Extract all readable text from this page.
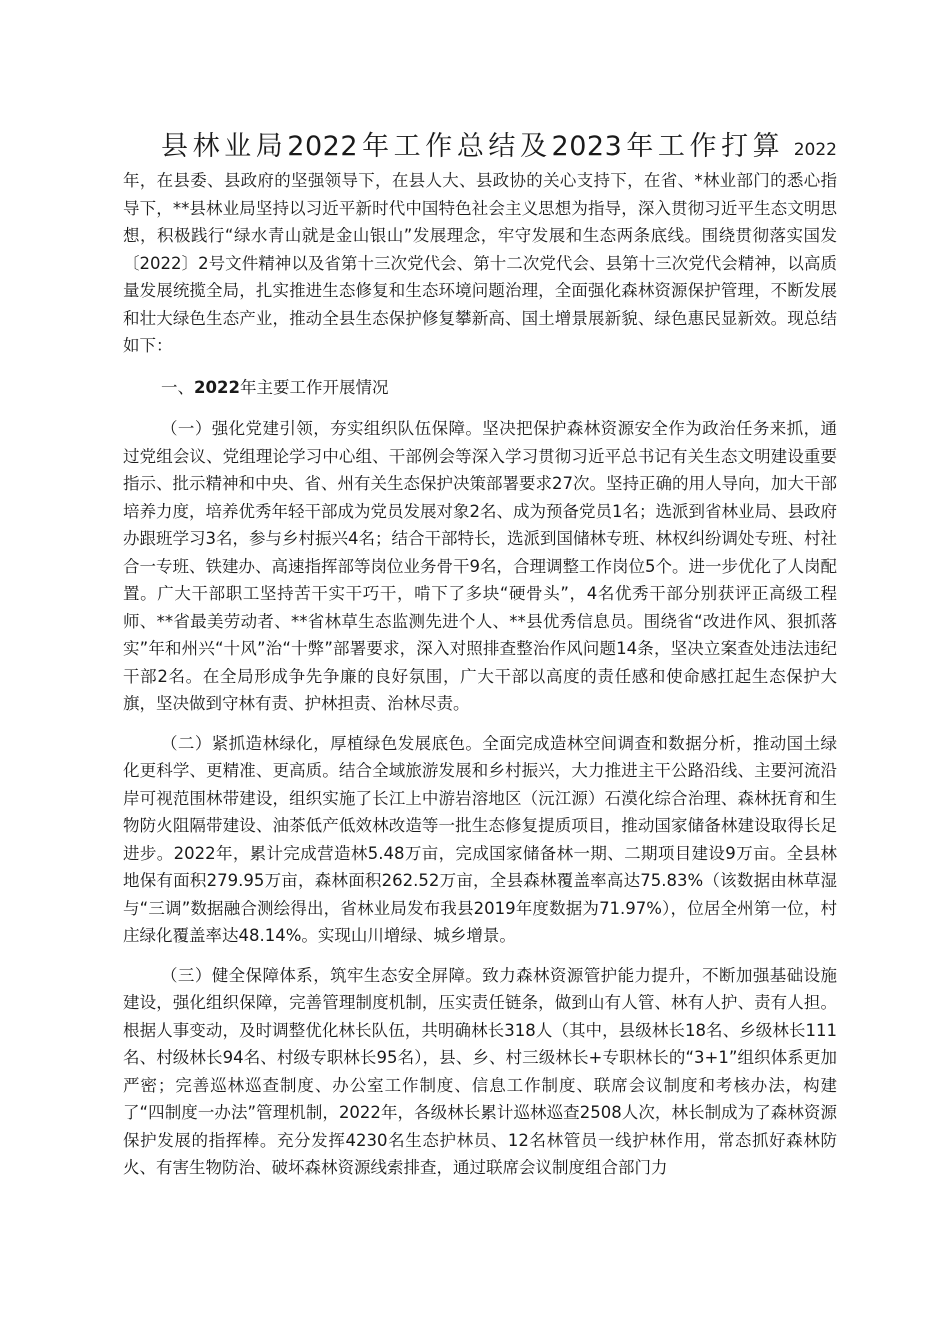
县林业局2022年工作总结及2023年工作打算 2022
年，在县委、县政府的坚强领导下，在县人大、县政协的关心支持下，在省、*林业部门的悉心指导下，**县林业局坚持以习近平新时代中国特色社会主义思想为指导，深入贯彻习近平生态文明思想，积极践行“绿水青山就是金山银山”发展理念，牢守发展和生态两条底线。围绕贯彻落实国发〔2022〕2号文件精神以及省第十三次党代会、第十二次党代会、县第十三次党代会精神，以高质量发展统揽全局，扎实推进生态修复和生态环境问题治理，全面强化森林资源保护管理，不断发展和壮大绿色生态产业，推动全县生态保护修复攀新高、国土增景展新貌、绿色惠民显新效。现总结如下：
一、2022年主要工作开展情况
（一）强化党建引领，夯实组织队伍保障。坚决把保护森林资源安全作为政治任务来抓，通过党组会议、党组理论学习中心组、干部例会等深入学习贯彻习近平总书记有关生态文明建设重要指示、批示精神和中央、省、州有关生态保护决策部署要求27次。坚持正确的用人导向，加大干部培养力度，培养优秀年轻干部成为党员发展对象2名、成为预备党员1名；选派到省林业局、县政府办跟班学习3名，参与乡村振兴4名；结合干部特长，选派到国储林专班、林权纠纷调处专班、村社合一专班、铁建办、高速指挥部等岗位业务骨干9名，合理调整工作岗位5个。进一步优化了人岗配置。广大干部职工坚持苦干实干巧干，啃下了多块“硬骨头”，4名优秀干部分别获评正高级工程师、**省最美劳动者、**省林草生态监测先进个人、**县优秀信息员。围绕省“改进作风、狠抓落实”年和州兴“十风”治“十弊”部署要求，深入对照排查整治作风问题14条，坚决立案查处违法违纪干部2名。在全局形成争先争廉的良好氛围，广大干部以高度的责任感和使命感扛起生态保护大旗，坚决做到守林有责、护林担责、治林尽责。
（二）紧抓造林绿化，厚植绿色发展底色。全面完成造林空间调查和数据分析，推动国土绿化更科学、更精准、更高质。结合全域旅游发展和乡村振兴，大力推进主干公路沿线、主要河流沿岸可视范围林带建设，组织实施了长江上中游岩溶地区（沅江源）石漠化综合治理、森林抚育和生物防火阻隔带建设、油茶低产低效林改造等一批生态修复提质项目，推动国家储备林建设取得长足进步。2022年，累计完成营造林5.48万亩，完成国家储备林一期、二期项目建设9万亩。全县林地保有面积279.95万亩，森林面积262.52万亩，全县森林覆盖率高达75.83%（该数据由林草湿与“三调”数据融合测绘得出，省林业局发布我县2019年度数据为71.97%），位居全州第一位，村庄绿化覆盖率达48.14%。实现山川增绿、城乡增景。
（三）健全保障体系，筑牢生态安全屏障。致力森林资源管护能力提升，不断加强基础设施建设，强化组织保障，完善管理制度机制，压实责任链条，做到山有人管、林有人护、责有人担。根据人事变动，及时调整优化林长队伍，共明确林长318人（其中，县级林长18名、乡级林长111名、村级林长94名、村级专职林长95名），县、乡、村三级林长+专职林长的“3+1”组织体系更加严密；完善巡林巡查制度、办公室工作制度、信息工作制度、联席会议制度和考核办法，构建了“四制度一办法”管理机制，2022年，各级林长累计巡林巡查2508人次，林长制成为了森林资源保护发展的指挥棒。充分发挥4230名生态护林员、12名林管员一线护林作用，常态抓好森林防火、有害生物防治、破坏森林资源线索排查，通过联席会议制度组合部门力
